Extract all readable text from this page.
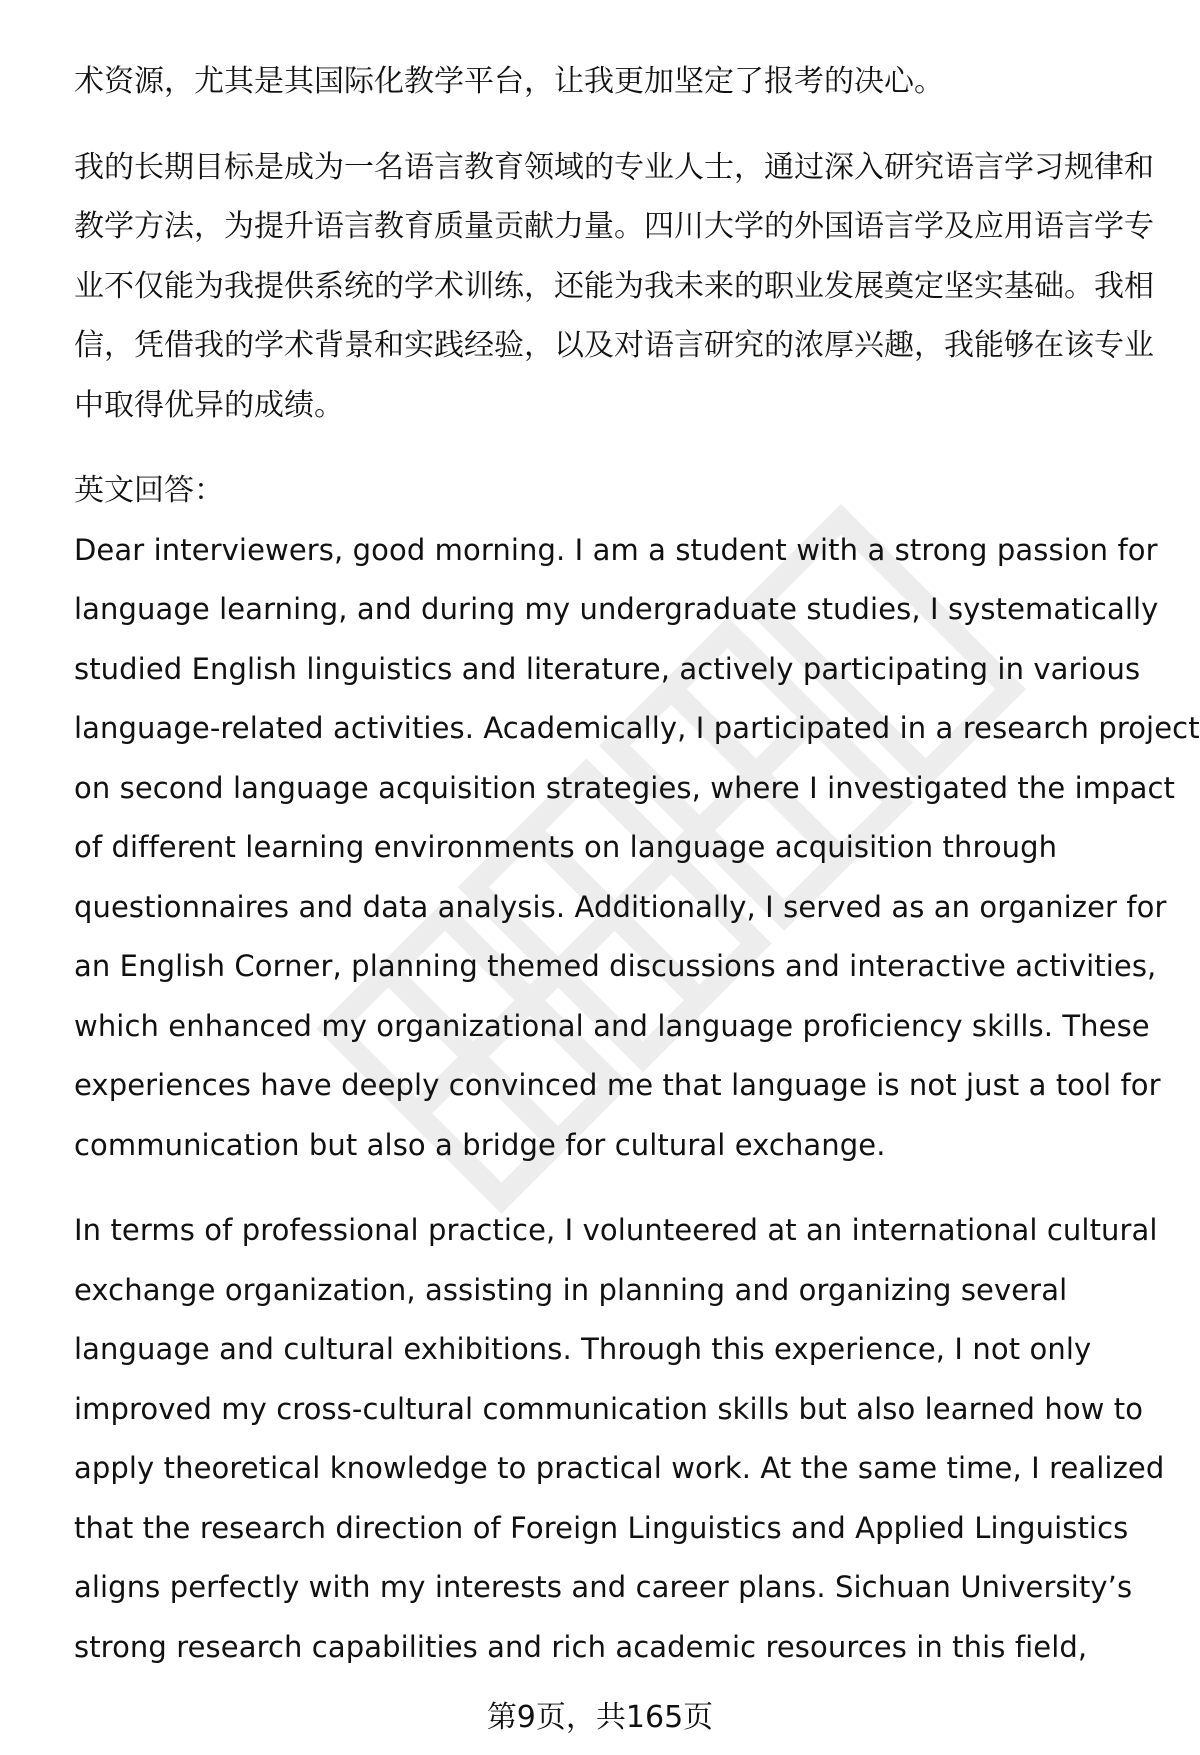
术资源，尤其是其国际化教学平台，让我更加坚定了报考的决心。

我的长期目标是成为一名语言教育领域的专业人士，通过深入研究语言学习规律和
教学方法，为提升语言教育质量贡献力量。四川大学的外国语言学及应用语言学专
业不仅能为我提供系统的学术训练，还能为我未来的职业发展奠定坚实基础。我相
信，凭借我的学术背景和实践经验，以及对语言研究的浓厚兴趣，我能够在该专业
中取得优异的成绩。

英文回答：

Dear interviewers, good morning. I am a student with a strong passion for
language learning, and during my undergraduate studies, I systematically
studied English linguistics and literature, actively participating in various
language-related activities. Academically, I participated in a research project
on second language acquisition strategies, where I investigated the impact
of different learning environments on language acquisition through
questionnaires and data analysis. Additionally, I served as an organizer for
an English Corner, planning themed discussions and interactive activities,
which enhanced my organizational and language proficiency skills. These
experiences have deeply convinced me that language is not just a tool for
communication but also a bridge for cultural exchange.

In terms of professional practice, I volunteered at an international cultural
exchange organization, assisting in planning and organizing several
language and cultural exhibitions. Through this experience, I not only
improved my cross-cultural communication skills but also learned how to
apply theoretical knowledge to practical work. At the same time, I realized
that the research direction of Foreign Linguistics and Applied Linguistics
aligns perfectly with my interests and career plans. Sichuan University’s
strong research capabilities and rich academic resources in this field,

第9页，共165页
